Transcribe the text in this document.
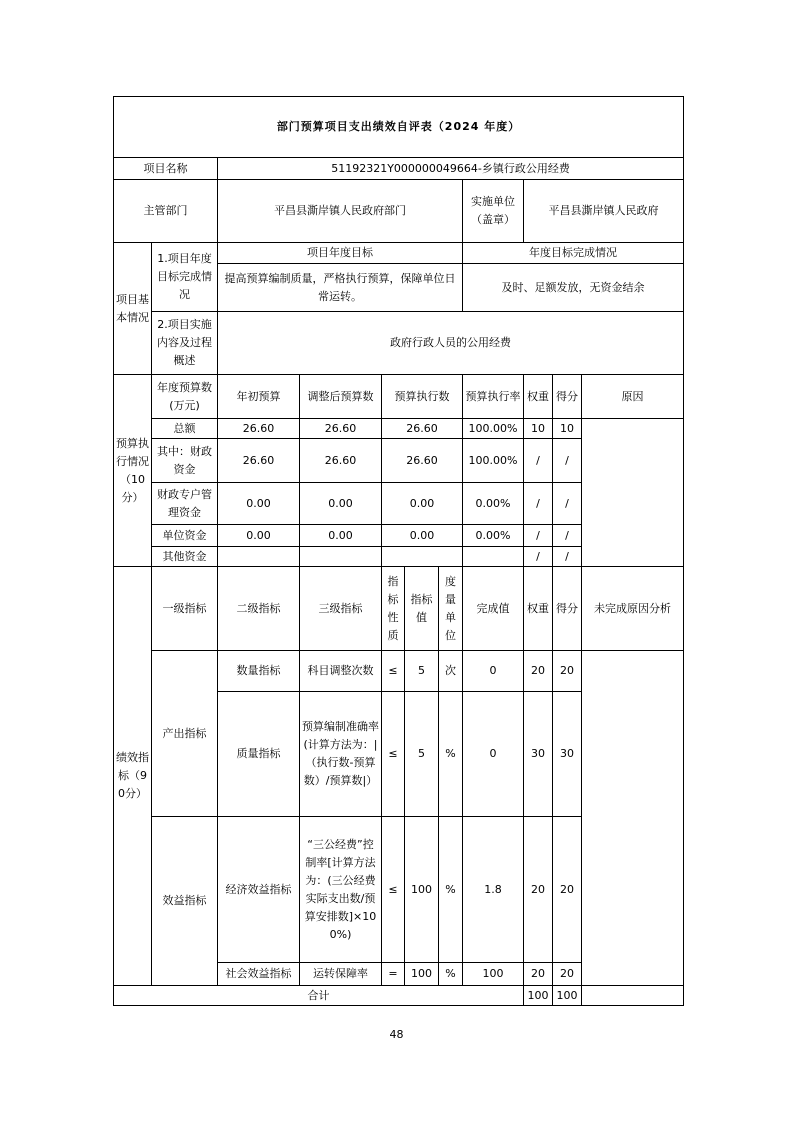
部门预算项目支出绩效自评表（2024 年度）										
项目名称		51192321Y000000049664-乡镇行政公用经费								
主管部门		平昌县澌岸镇人民政府部门					实施单位（盖章）	平昌县澌岸镇人民政府		
项目基本情况	1.项目年度目标完成情况	项目年度目标					年度目标完成情况			
		提高预算编制质量，严格执行预算，保障单位日常运转。					及时、足额发放，无资金结余			
	2.项目实施内容及过程概述	政府行政人员的公用经费								
预算执行情况（10分）	年度预算数(万元)	年初预算	调整后预算数	预算执行数			预算执行率	权重	得分	原因
	总额	26.60	26.60	26.60			100.00%	10	10	
	其中：财政资金	26.60	26.60	26.60			100.00%	/	/	
	财政专户管理资金	0.00	0.00	0.00			0.00%	/	/	
	单位资金	0.00	0.00	0.00			0.00%	/	/	
	其他资金							/	/	
绩效指标（90分）	一级指标	二级指标	三级指标	指标性质	指标值	度量单位	完成值	权重	得分	未完成原因分析
	产出指标	数量指标	科目调整次数	≤	5	次	0	20	20	
		质量指标	预算编制准确率(计算方法为：|（执行数-预算数）/预算数|）	≤	5	%	0	30	30	
	效益指标	经济效益指标	“三公经费”控制率[计算方法为：(三公经费实际支出数/预算安排数]×100%)	≤	100	%	1.8	20	20	
		社会效益指标	运转保障率	=	100	%	100	20	20	
合计								100	100	
48
